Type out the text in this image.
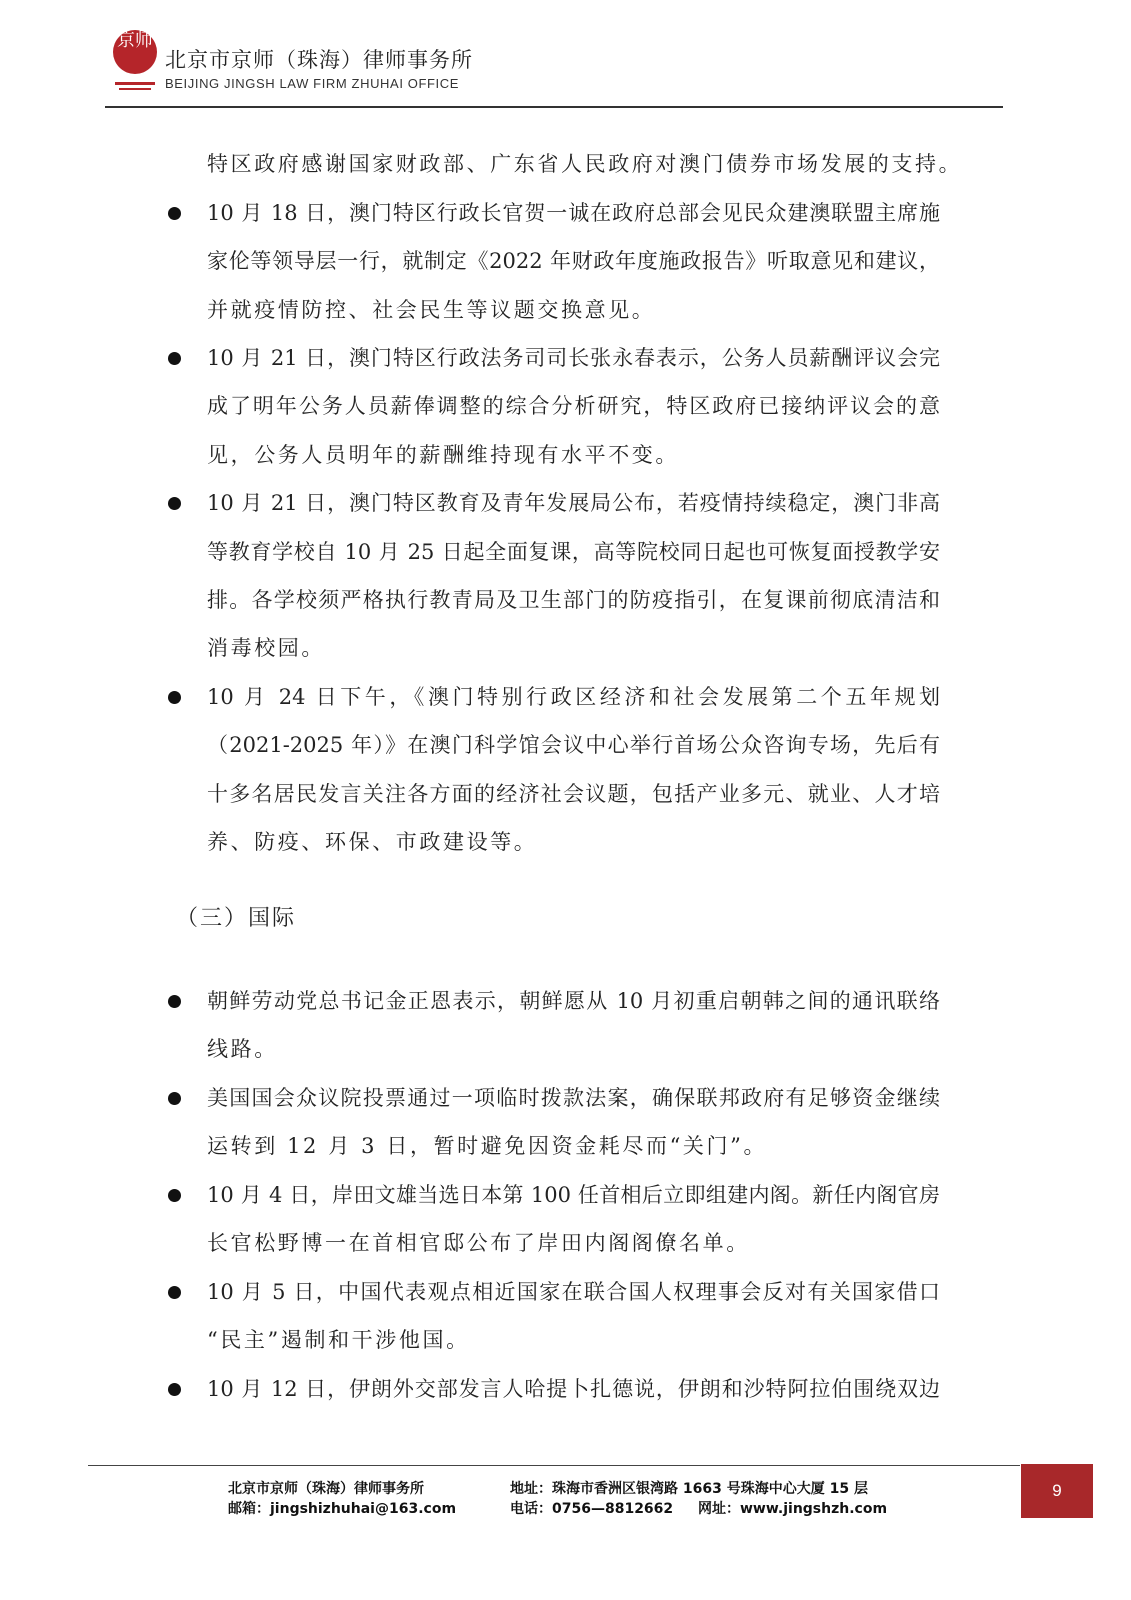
京师
北京市京师（珠海）律师事务所
BEIJING JINGSH LAW FIRM ZHUHAI OFFICE
特区政府感谢国家财政部、广东省人民政府对澳门债券市场发展的支持。
10 月 18 日，澳门特区行政长官贺一诚在政府总部会见民众建澳联盟主席施
家伦等领导层一行，就制定《2022 年财政年度施政报告》听取意见和建议，
并就疫情防控、社会民生等议题交换意见。
10 月 21 日，澳门特区行政法务司司长张永春表示，公务人员薪酬评议会完
成了明年公务人员薪俸调整的综合分析研究，特区政府已接纳评议会的意
见，公务人员明年的薪酬维持现有水平不变。
10 月 21 日，澳门特区教育及青年发展局公布，若疫情持续稳定，澳门非高
等教育学校自 10 月 25 日起全面复课，高等院校同日起也可恢复面授教学安
排。各学校须严格执行教青局及卫生部门的防疫指引，在复课前彻底清洁和
消毒校园。
10 月 24 日下午，《澳门特别行政区经济和社会发展第二个五年规划
（2021-2025 年）》在澳门科学馆会议中心举行首场公众咨询专场，先后有
十多名居民发言关注各方面的经济社会议题，包括产业多元、就业、人才培
养、防疫、环保、市政建设等。
（三）国际
朝鲜劳动党总书记金正恩表示，朝鲜愿从 10 月初重启朝韩之间的通讯联络
线路。
美国国会众议院投票通过一项临时拨款法案，确保联邦政府有足够资金继续
运转到 12 月 3 日，暂时避免因资金耗尽而“关门”。
10 月 4 日，岸田文雄当选日本第 100 任首相后立即组建内阁。新任内阁官房
长官松野博一在首相官邸公布了岸田内阁阁僚名单。
10 月 5 日，中国代表观点相近国家在联合国人权理事会反对有关国家借口
“民主”遏制和干涉他国。
10 月 12 日，伊朗外交部发言人哈提卜扎德说，伊朗和沙特阿拉伯围绕双边
北京市京师（珠海）律师事务所
邮箱：jingshizhuhai@163.com
地址：珠海市香洲区银湾路 1663 号珠海中心大厦 15 层
电话：0756—8812662 网址：www.jingshzh.com
9
